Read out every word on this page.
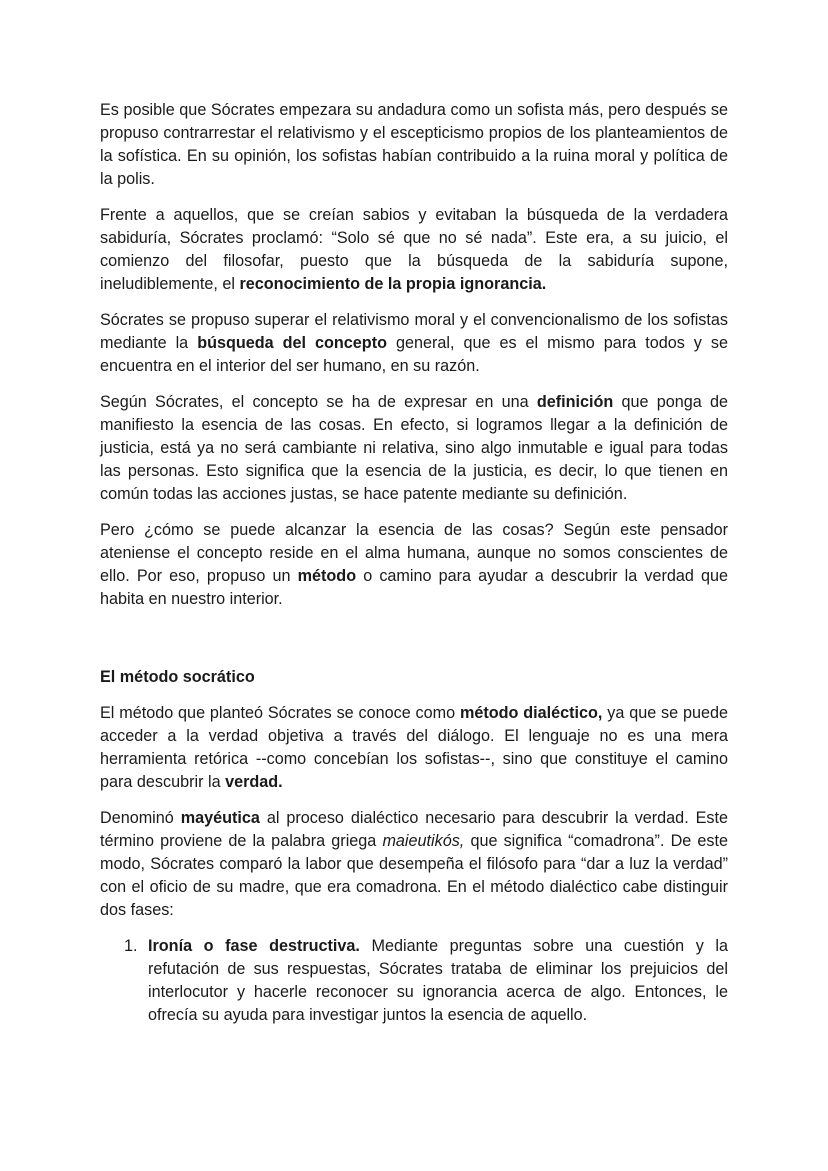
Es posible que Sócrates empezara su andadura como un sofista más, pero después se propuso contrarrestar el relativismo y el escepticismo propios de los planteamientos de la sofística. En su opinión, los sofistas habían contribuido a la ruina moral y política de la polis.

Frente a aquellos, que se creían sabios y evitaban la búsqueda de la verdadera sabiduría, Sócrates proclamó: “Solo sé que no sé nada”. Este era, a su juicio, el comienzo del filosofar, puesto que la búsqueda de la sabiduría supone, ineludiblemente, el reconocimiento de la propia ignorancia.

Sócrates se propuso superar el relativismo moral y el convencionalismo de los sofistas mediante la búsqueda del concepto general, que es el mismo para todos y se encuentra en el interior del ser humano, en su razón.

Según Sócrates, el concepto se ha de expresar en una definición que ponga de manifiesto la esencia de las cosas. En efecto, si logramos llegar a la definición de justicia, está ya no será cambiante ni relativa, sino algo inmutable e igual para todas las personas. Esto significa que la esencia de la justicia, es decir, lo que tienen en común todas las acciones justas, se hace patente mediante su definición.

Pero ¿cómo se puede alcanzar la esencia de las cosas? Según este pensador ateniense el concepto reside en el alma humana, aunque no somos conscientes de ello. Por eso, propuso un método o camino para ayudar a descubrir la verdad que habita en nuestro interior.

El método socrático

El método que planteó Sócrates se conoce como método dialéctico, ya que se puede acceder a la verdad objetiva a través del diálogo. El lenguaje no es una mera herramienta retórica --como concebían los sofistas--, sino que constituye el camino para descubrir la verdad.

Denominó mayéutica al proceso dialéctico necesario para descubrir la verdad. Este término proviene de la palabra griega maieutikós, que significa “comadrona”. De este modo, Sócrates comparó la labor que desempeña el filósofo para “dar a luz la verdad” con el oficio de su madre, que era comadrona. En el método dialéctico cabe distinguir dos fases:

1. Ironía o fase destructiva. Mediante preguntas sobre una cuestión y la refutación de sus respuestas, Sócrates trataba de eliminar los prejuicios del interlocutor y hacerle reconocer su ignorancia acerca de algo. Entonces, le ofrecía su ayuda para investigar juntos la esencia de aquello.
